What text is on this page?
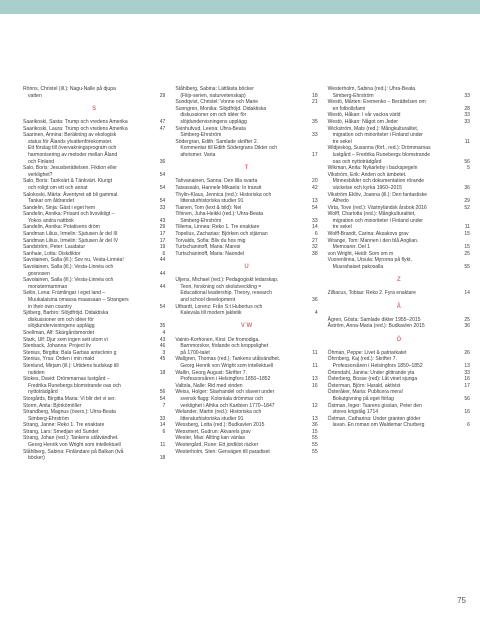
Rönns, Christel (ill.): Nagu-Nalle på djupa
vatten	29
S
Saarikoski, Sasta: Trump och vredens Amerika	47
Saarikoski, Laura: Trump och vredens Amerika	47
Saarinen, Annina: Beräkning av ekologisk
status för Ålands ytvattenförekomster.
Ett förslag till övervakningsprogram och
harmonisering av metoder mellan Åland
och Finland	36
Salo, Boris: Jesusberättelsen. Fiktion eller
verklighet?	54
Salo, Boris: Tankvärt & Tänkvärt. Klurigt
och roligt om ett och annat	54
Salokoski, Märta: Äventyret att bli gammal.
Tankar om åldrandet	54
Sandelin, Sinja: Gäst i eget hem	33
Sandelin, Annika: Prisant och livsviktigt –
Yokos andra nattbok	43
Sandelin, Annika: Potatisens dröm	29
Sandman Lilius, Irmelin: Sjutusen år del III	17
Sandman Lilius, Irmelin: Sjutusen år del IV	17
Sandström, Peter: Laudatur	19
Sanhaie, Lotta: Diskdiktor	6
Savolainen, Salla (ill.): Sov nu, Vesta-Linnéa!	44
Savolainen, Salla (ill.): Vesta-Linnéa och
gosnosen	44
Savolainen, Salla (ill.): Vesta-Linnéa och
monstermamman	44
Seilin, Lena: Främlingar i eget land –
Muukalaisina omassa maassaan – Strangers
in their own country	54
Sjöberg, Barbro: Slöjdfröjd. Didaktiska
diskussioner om och idéer för
slöjdundervisningens upplägg	35
Snellman, Alf: Skärgårdsmordet	4
Stark, Ulf: Djur som ingen sett utom vi	43
Stenback, Johanna: Project liv	46
Stenius, Birgitta: Bala Garbas antecknin g	3
Stenius, Yrsa: Orden i min makt	45
Stenlund, Mirjam (ill.): Urtidens budskap till
nutiden	18
Stokes, David: Drömmarnas lustgård –
Fredrika Runebergs blomstrande oas och
nyttoträdgård	56
Storgårds, Birgitta Maria: Vi blir det vi ser.	54
Storm, Anita: Björkömöller	7
Strandberg, Magnus (övers.): Ulrra-Beata
Simberg-Ehrström	33
Strang, Janne: Reko 1. Tre enaktare	14
Strang, Lars: Smedjan vid Sundet	6
Strang, Johan (red.): Tankens utåtvändhet.
Georg Henrik von Wright som intellektuell	11
Ståhlberg, Sabina: Finländare på Balkan (två
böcker)	18
Ståhlberg, Sabina: Lättlästa böcker
(Filip-serien, naturvetenskap)	18
Sundqvist, Christel: Vonne och Marie	21
Sunngren, Monika: Slöjdfröjd. Didaktiska
diskussioner om och idéer för
slöjdundervisningens upplägg	35
Svinhufvud, Leena: Uhra-Beata
Simberg-Ehrström	33
Södergran, Edith: Samlade skrifter 2.
Kommentar till Edith Södergrans Dikter och
aforismer. Varia	17
T
Tahvanainen, Sanna: Den lilla svarta	20
Taivassalo, Hannele Mikaela: In transit	42
Thylin-Klaus, Jennica (red.): Historiska och
litteraturhistoriska studier 91	13
Tiainen, Tom (text & bild): Nei	54
Tihinen, Juha-Heikki (red.): Uhra-Beata
Simberg-Ehrström	33
Tillema, Linnea: Reko 1. Tre enaktare	14
Topelius, Zacharias: Björken och stjärnan	6
Torvalds, Sofia: Bliv du hos mig	27
Turtschaninoff, Maria: Maresi	32
Turtschaninoff, Maria: Naondel	38
U
Uljens, Michael (red.): Pedagogiskt ledarskap.
Teori, forskning och skolutveckling =
Educational leadership. Theory, research
and school development	36
Uthardt, Lorenz: Från S:t Hubertus och
Kalevala till modern jaktetik	4
V W
Vainio-Korhonen, Kirsi: De fromodiga.
Barnmorskor, födande och kroppslighet
på 1700-talet	11
Wallgren, Thomas (red.): Tankens utåtvändhet.
Georg Henrik von Wright som intellektuell	11
Wallin, Georg August: Skrifter 7.
Professorsåren i Helsingfors 1850–1852	13
Valtola, Nalle: Rid med vinden	16
Weiss, Holger: Slavhandel och slaveri under
svensk flagg: Koloniala drömmar och
verklighet i Afrika och Karibien 1770–1847	12
Welander, Martin (red.): Historiska och
litteraturhistoriska studier 91	13
Wessberg, Lotta (red.): Budkavlen 2015	36
Wessmert, Gudrun: Akvarels grav	15
Wester, Max: Allting kan vänlas	55
Westergård, Rune: Ett jordklot räcker	55
Westerholm, Sten: Genvägen till paradiset	55
Westerholm, Sabina (red.): Uhra-Beata
Simberg-Ehrström	33
Westö, Mårten: Eremenko – Berättelsen om
en fotbollsfami	28
Westö, Håkan: I vår vackra värld	33
Westö, Håkan: Något om Jeder	33
Wickström, Mats (red.): Mångkulturalitet,
migration och minoriteter i Finland under
tre sekel	11
Widjeskog, Susanna (förf., red.): Drömmarnas
lustgård – Fredrika Runebergs blomstrande
oas och nyttoträdgård	56
Wikman, Anita: Nykarleby i backspegeln	5
Vikström, Erik: Anden och ämbetet.
Minnesbilder och dokumentation rörande
väckelse och kyrka 1960–2015	36
Vikström Eklöv, Joanna (ill.): Den fantastiske
Alfredo	29
Virta, Tove (red.): Västnyländsk årsbok 2016	52
Wolff, Charlotta (red.): Mångkulturalitet,
migration och minoriteter i Finland under
tre sekel	11
Wolff-Brandt, Carina: Aksakovs grav	15
Wrange, Tom: Mannen i den blå Anglian.
Memoarer. Del 1	15
von Wright, Heidi: Som om m	25
Vuorenlinna, Ursula: Myrorna på flykt.
Muurahaiset pakosalla	55
Z
Zilliacus, Tobias: Reko 2. Fyra enaktare	14
Å
Ågren, Gösta: Samlade dikter 1955–2015	25
Åström, Anna-Maria (red.): Budkavlen 2015	36
Ö
Öhman, Peppe: Livet & patriarkatet	26
Öhrnberg, Kaj (red.): Skrifter 7.
Professorsåren i Helsingfors 1850–1852	13
Örtendahl, Janina: Under glittrande yta	33
Österberg, Bosse (red): Låt vinet sjunga	16
Österman, Björn: Harald, aktivist	17
Österåker, Maria: Publicera mera!
Bokutgivning på eget förlag	56
Östman, Inger: Tsarens gisslan, Peter den
stores krigståg 1714	16
Östman, Catharina: Under granten glöder
lavan. En roman om Waldemar Churberg	6
75
